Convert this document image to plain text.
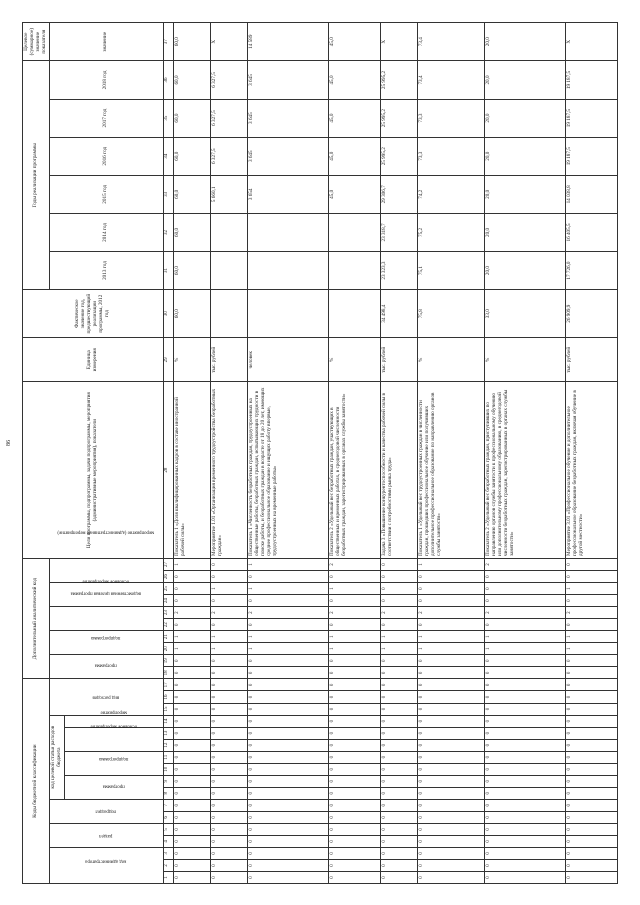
86
Коды бюджетной классификации																	Дополнительный аналитический код										Цели программы, подпрограммы, задачи подпрограммы, мероприятия (административные мероприятия), показатели	Единица измерения	Фактическое значение год, предшествующий реализации программы, 2012 год	Годы реализации программы						Целевое (суммарное) значение показателя
код администратора			раздел		подраздел		код целевой статьи расходов бюджета							вид расходов			программа		подпрограмма		ведомственная целевая программа		основное мероприятие		мероприятие (административное мероприятие)					2013 год	2014 год	2015 год	2016 год	2017 год	2018 год	значение
							программа		подпрограмма		основное мероприятие		мероприятие																							
1	2	3	4	5	6	7	8	9	10	11	12	13	14	15	16	17	18	19	20	21	22	23	24	25	26	27	28	29	30	31	32	33	34	35	36	37
0	0	0	0	0	0	0	0	0	0	0	0	0	0	0	0	0	0	0	1	1	0	2	0	0	0	1	Показатель 1 «Доля квалифицированных кадров в составе иностранной рабочей силы»	%	60,0	60,0	60,0	60,0	60,0	60,0	60,0	60,0
0	0	0	0	0	0	0	0	0	0	0	0	0	0	0	0	0	0	0	1	1	0	2	0	1	0	0	Мероприятие 1.01 «Организация временного трудоустройства безработных граждан»	тыс. рублей				5 660,1	6 327,5	6 327,5	6 327,5	X
0	0	0	0	0	0	0	0	0	0	0	0	0	0	0	0	0	0	0	1	1	0	2	0	1	0	1	Показатель 1 «Численность безработных граждан, трудоустроенных на общественные работы, безработных граждан, испытывающих трудности в поиске работы, и безработных граждан в возрасте от 18 до 20 лет, имеющих среднее профессиональное образование и ищущих работу впервые, трудоустроенных на временные работы»	человек				3 654	3 645	3 645	3 645	14 589
0	0	0	0	0	0	0	0	0	0	0	0	0	0	0	0	0	0	0	1	1	0	2	0	1	0	2	Показатель 2 «Удельный вес безработных граждан, участвующих в общественных и временных работах, в среднегодовой численности безработных граждан, зарегистрированных в органах службы занятости»	%				45,0	45,0	45,0	45,0	45,0
0	0	0	0	0	0	0	0	0	0	0	0	0	0	0	0	0	0	0	1	1	0	2	0	0	0	0	Задача 3 «Повышение конкурентоспособности и качества рабочей силы в соответствии с потребностями рынка труда»	тыс. рублей	34 498,4	23 323,3	23 318,7	29 306,7	25 995,2	25 995,2	25 995,2	X
0	0	0	0	0	0	0	0	0	0	0	0	0	0	0	0	0	0	0	1	1	0	2	0	0	0	1	Показатель 1 «Удельный вес трудоустроенных граждан в численности граждан, прошедших профессиональное обучение или получивших дополнительное профессиональное образование по направлению органов службы занятости»	%	75,8	75,1	75,2	74,2	73,3	73,3	73,4	73,4
0	0	0	0	0	0	0	0	0	0	0	0	0	0	0	0	0	0	0	1	1	0	2	0	0	0	2	Показатель 2 «Удельный вес безработных граждан, приступивших по направлению органов службы занятости к профессиональному обучению или дополнительному профессиональному образованию, в среднегодовой численности безработных граждан, зарегистрированных в органах службы занятости»	%	33,0	20,0	20,0	20,0	20,0	20,0	20,0	20,0
0	0	0	0	0	0	0	0	0	0	0	0	0	0	0	0	0	0	0	1	1	0	2	0	1	0	0	Мероприятие 3.01 «Профессиональное обучение и дополнительное профессиональное образование безработных граждан, включая обучение в другой местности»	тыс. рублей	26 909,9	17 726,0	16 405,5	14 038,8	19 187,5	19 187,5	19 187,5	X
